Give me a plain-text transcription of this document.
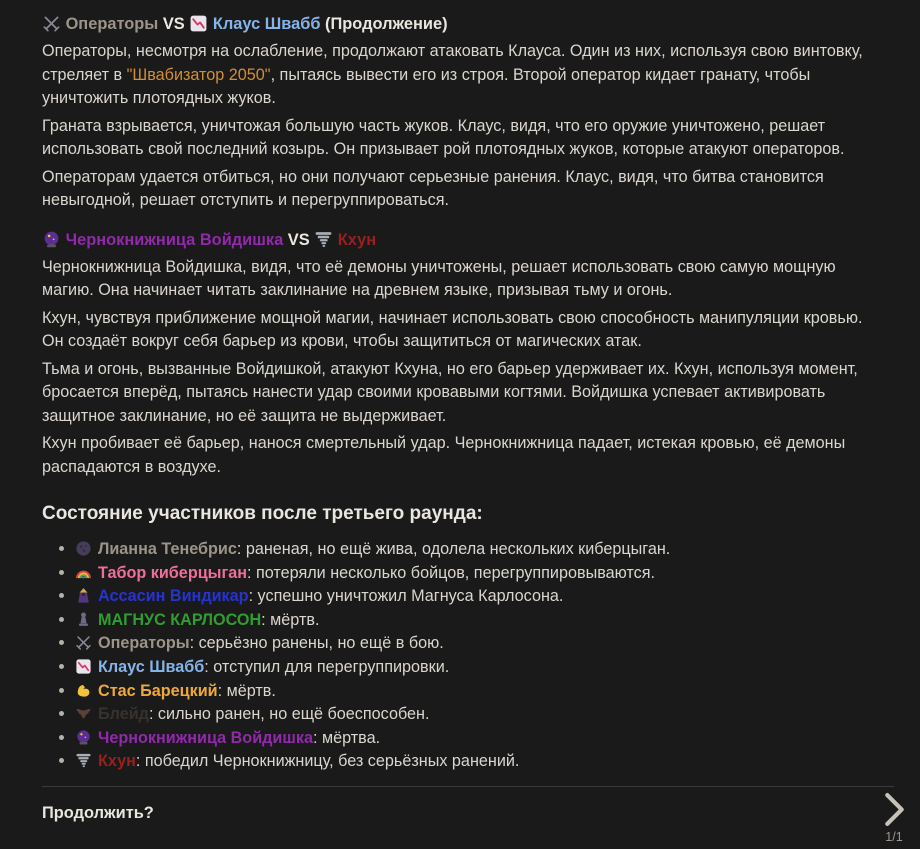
Операторы VS Клаус Швабб (Продолжение)

Операторы, несмотря на ослабление, продолжают атаковать Клауса. Один из них, используя свою винтовку, стреляет в "Швабизатор 2050", пытаясь вывести его из строя. Второй оператор кидает гранату, чтобы уничтожить плотоядных жуков.

Граната взрывается, уничтожая большую часть жуков. Клаус, видя, что его оружие уничтожено, решает использовать свой последний козырь. Он призывает рой плотоядных жуков, которые атакуют операторов.

Операторам удается отбиться, но они получают серьезные ранения. Клаус, видя, что битва становится невыгодной, решает отступить и перегруппироваться.

Чернокнижница Войдишка VS Кхун

Чернокнижница Войдишка, видя, что её демоны уничтожены, решает использовать свою самую мощную магию. Она начинает читать заклинание на древнем языке, призывая тьму и огонь.

Кхун, чувствуя приближение мощной магии, начинает использовать свою способность манипуляции кровью. Он создаёт вокруг себя барьер из крови, чтобы защититься от магических атак.

Тьма и огонь, вызванные Войдишкой, атакуют Кхуна, но его барьер удерживает их. Кхун, используя момент, бросается вперёд, пытаясь нанести удар своими кровавыми когтями. Войдишка успевает активировать защитное заклинание, но её защита не выдерживает.

Кхун пробивает её барьер, нанося смертельный удар. Чернокнижница падает, истекая кровью, её демоны распадаются в воздухе.

Состояние участников после третьего раунда:
Лианна Тенебрис: раненая, но ещё жива, одолела нескольких киберцыган.
Табор киберцыган: потеряли несколько бойцов, перегруппировываются.
Ассасин Виндикар: успешно уничтожил Магнуса Карлосона.
МАГНУС КАРЛОСОН: мёртв.
Операторы: серьёзно ранены, но ещё в бою.
Клаус Швабб: отступил для перегруппировки.
Стас Барецкий: мёртв.
Блейд: сильно ранен, но ещё боеспособен.
Чернокнижница Войдишка: мёртва.
Кхун: победил Чернокнижницу, без серьёзных ранений.
Продолжить?
1/1
